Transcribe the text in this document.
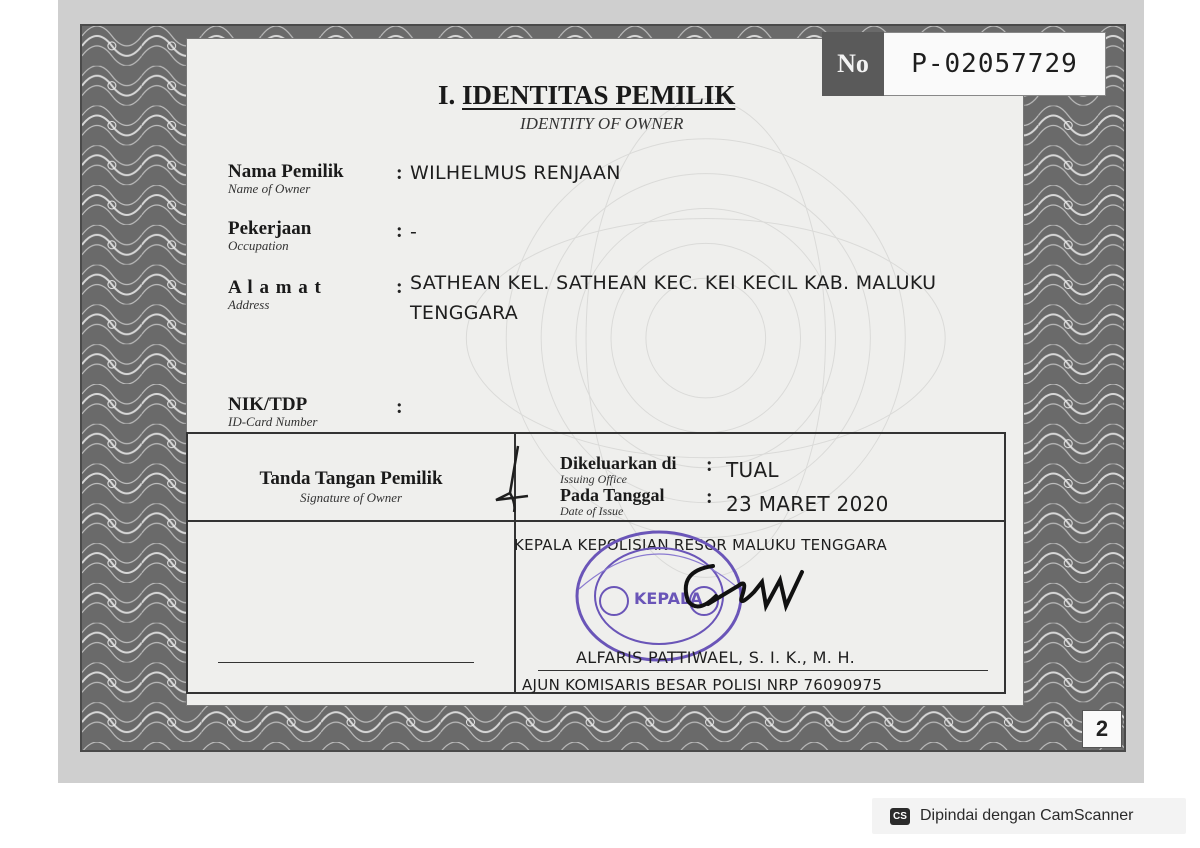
2
No	P-02057729
I. IDENTITAS PEMILIK
IDENTITY OF OWNER
Nama Pemilik
Name of Owner
: WILHELMUS RENJAAN
Pekerjaan
Occupation
: -
A l a m a t
Address
: SATHEAN KEL. SATHEAN KEC. KEI KECIL KAB. MALUKU
TENGGARA
NIK/TDP
ID-Card Number
:
Tanda Tangan Pemilik
Signature of Owner
Dikeluarkan di
Issuing Office
: TUAL
Pada Tanggal
Date of Issue
: 23 MARET 2020
KEPALA KEPOLISIAN RESOR MALUKU TENGGARA
KEPALA
ALFARIS PATTIWAEL, S. I. K., M. H.
AJUN KOMISARIS BESAR POLISI NRP 76090975
CS Dipindai dengan CamScanner
